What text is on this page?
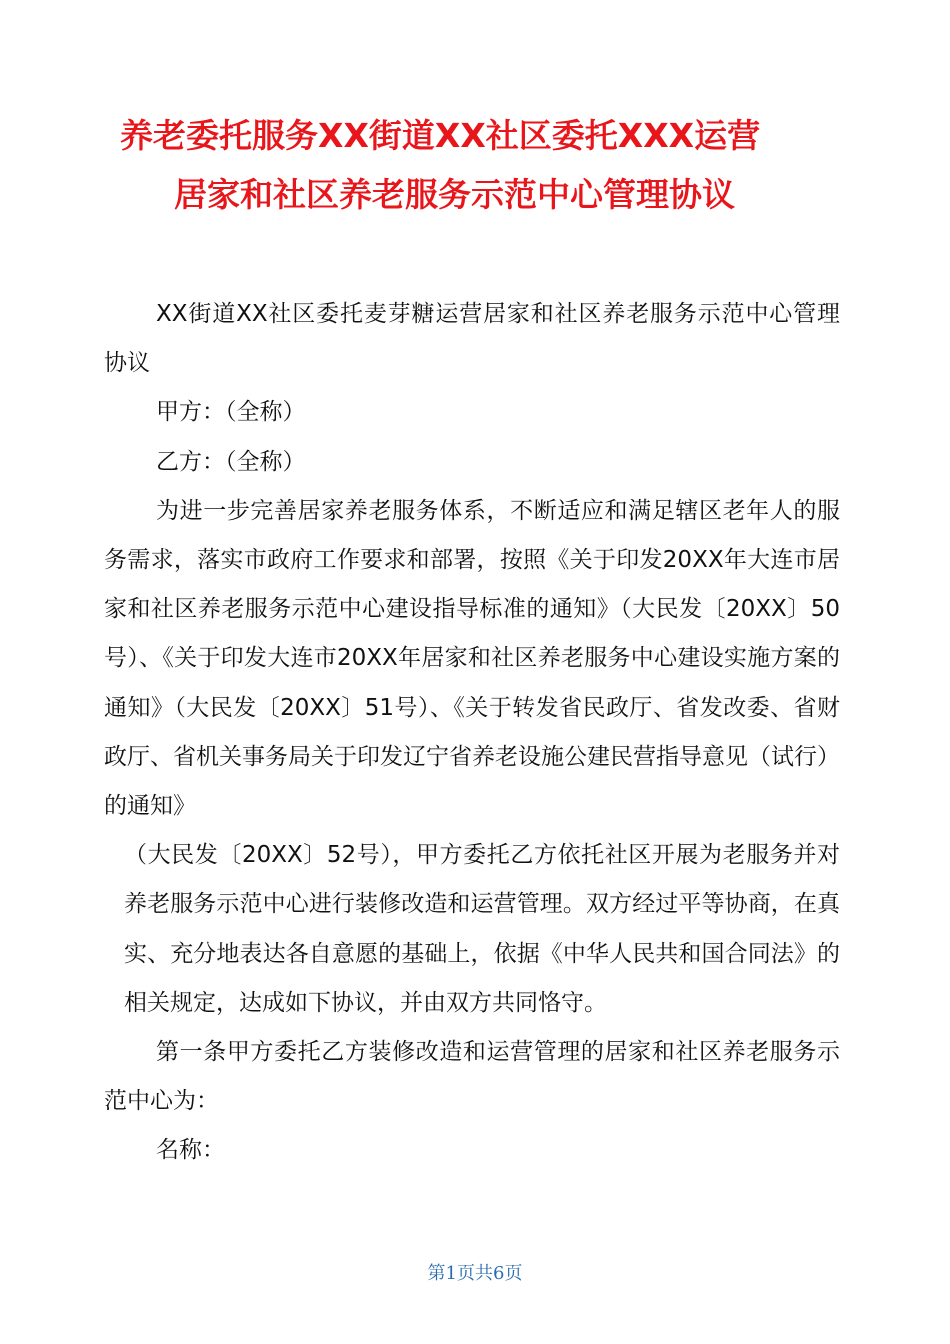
养老委托服务XX街道XX社区委托XXX运营
居家和社区养老服务示范中心管理协议

XX街道XX社区委托麦芽糖运营居家和社区养老服务示范中心管理协议

甲方：（全称）

乙方：（全称）

为进一步完善居家养老服务体系，不断适应和满足辖区老年人的服务需求，落实市政府工作要求和部署，按照《关于印发20XX年大连市居家和社区养老服务示范中心建设指导标准的通知》（大民发〔20XX〕50号）、《关于印发大连市20XX年居家和社区养老服务中心建设实施方案的通知》（大民发〔20XX〕51号）、《关于转发省民政厅、省发改委、省财政厅、省机关事务局关于印发辽宁省养老设施公建民营指导意见（试行）的通知》

（大民发〔20XX〕52号），甲方委托乙方依托社区开展为老服务并对养老服务示范中心进行装修改造和运营管理。双方经过平等协商，在真实、充分地表达各自意愿的基础上，依据《中华人民共和国合同法》的相关规定，达成如下协议，并由双方共同恪守。

第一条甲方委托乙方装修改造和运营管理的居家和社区养老服务示范中心为：

名称：

第1页共6页
